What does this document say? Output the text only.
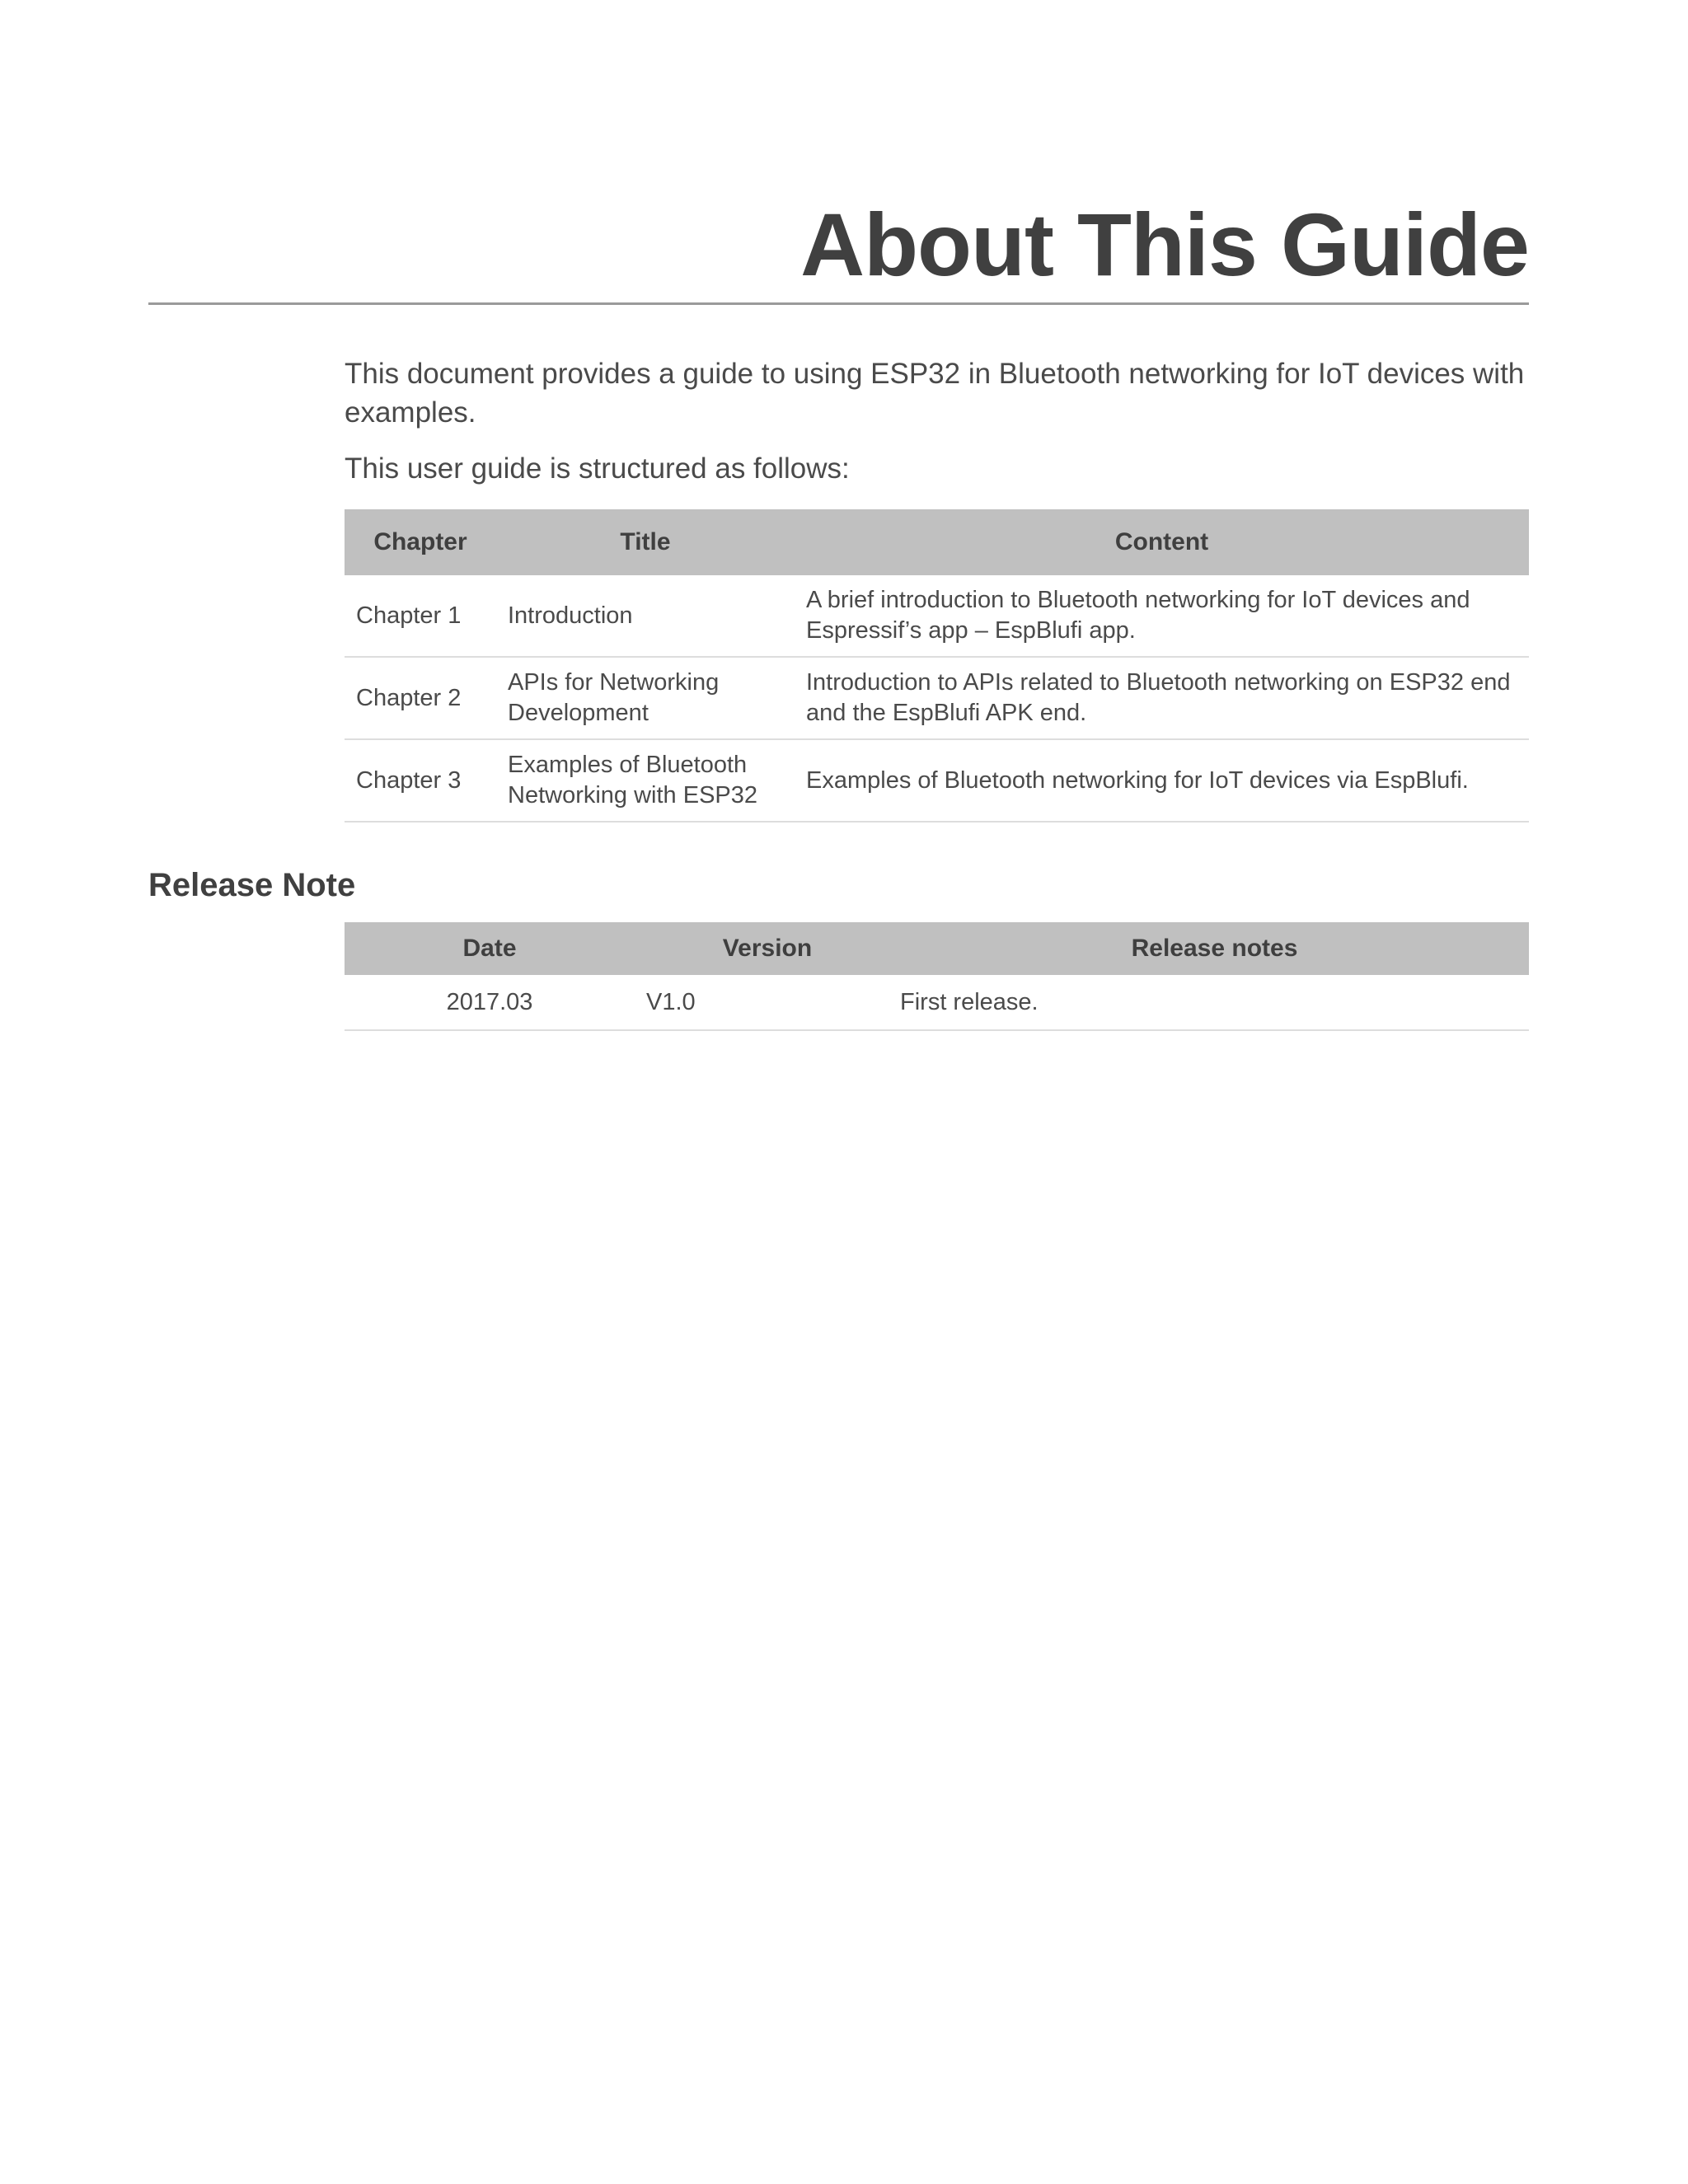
About This Guide

This document provides a guide to using ESP32 in Bluetooth networking for IoT devices with examples.

This user guide is structured as follows:

Chapter	Title	Content
Chapter 1	Introduction	A brief introduction to Bluetooth networking for IoT devices and Espressif’s app – EspBlufi app.
Chapter 2	APIs for Networking Development	Introduction to APIs related to Bluetooth networking on ESP32 end and the EspBlufi APK end.
Chapter 3	Examples of Bluetooth Networking with ESP32	Examples of Bluetooth networking for IoT devices via EspBlufi.
Release Note
Date	Version	Release notes
2017.03	V1.0	First release.
